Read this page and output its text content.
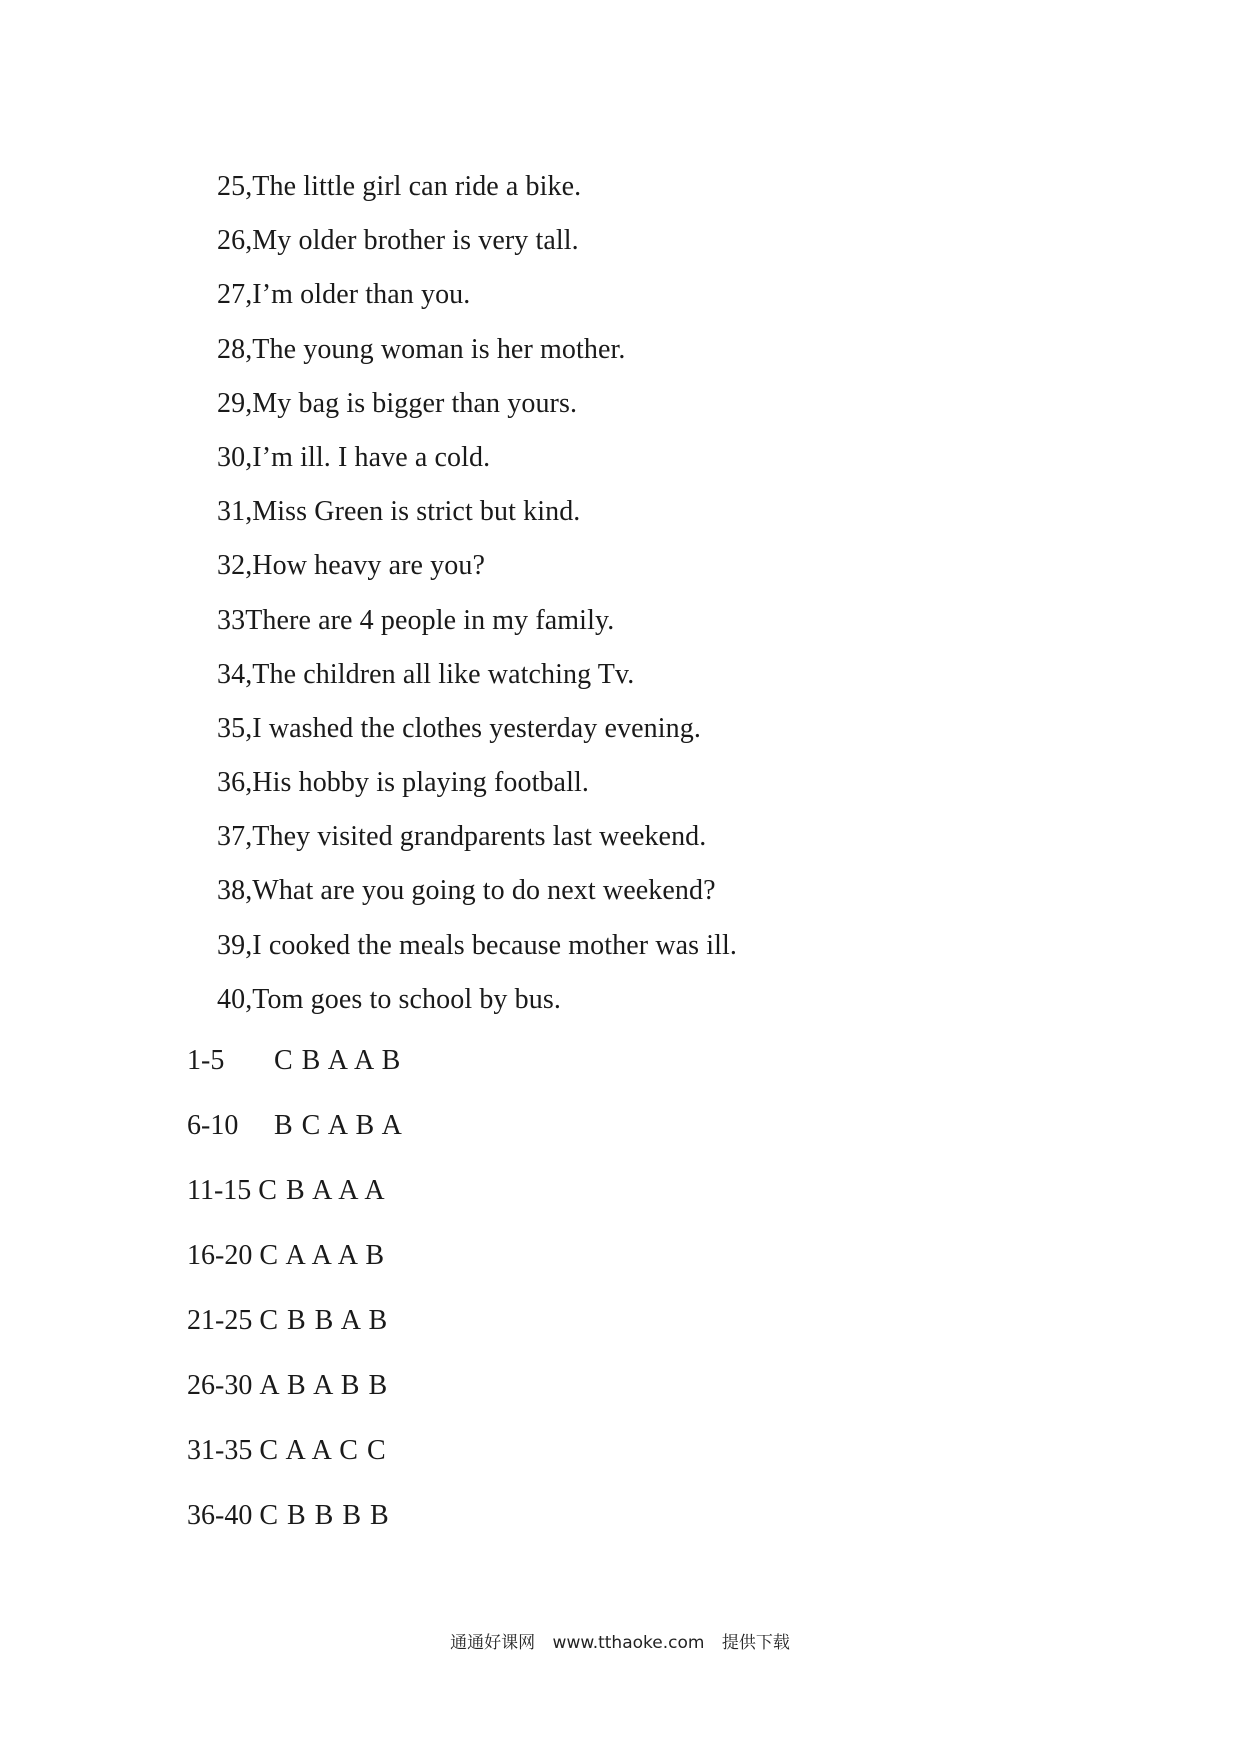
25,The little girl can ride a bike.
26,My older brother is very tall.
27,I’m older than you.
28,The young woman is her mother.
29,My bag is bigger than yours.
30,I’m ill. I have a cold.
31,Miss Green is strict but kind.
32,How heavy are you?
33There are 4 people in my family.
34,The children all like watching Tv.
35,I washed the clothes yesterday evening.
36,His hobby is playing football.
37,They visited grandparents last weekend.
38,What are you going to do next weekend?
39,I cooked the meals because mother was ill.
40,Tom goes to school by bus.
1-5	C B A A B
6-10	B C A B A
11-15 C B A A A
16-20 C A A A B
21-25 C B B A B
26-30 A B A B B
31-35 C A A C C
36-40 C B B B B
通通好课网 www.tthaoke.com 提供下载
